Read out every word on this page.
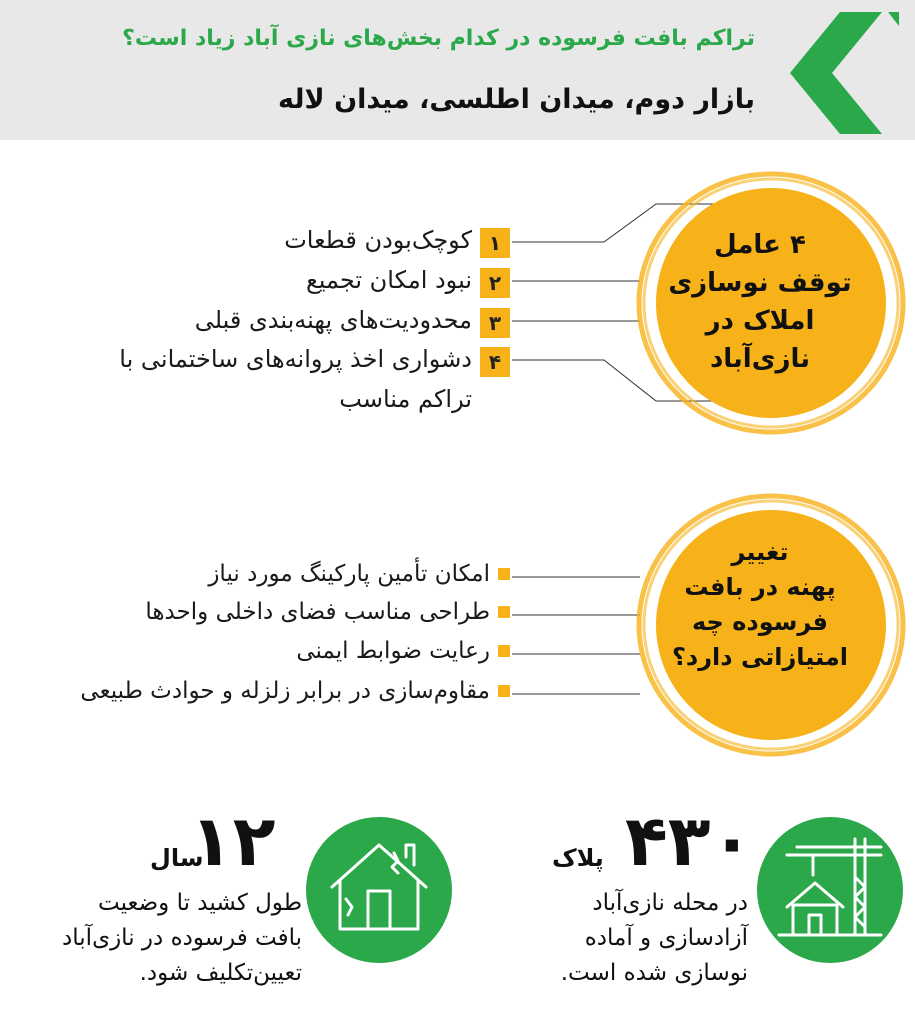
تراکم بافت فرسوده در کدام بخش‌های نازی آباد زیاد است؟
بازار دوم، میدان اطلسی، میدان لاله
۴ عامل
توقف نوسازی
املاک در
نازی‌آباد
۱
کوچک‌بودن قطعات
۲
نبود امکان تجمیع
۳
محدودیت‌های پهنه‌بندی قبلی
۴
دشواری اخذ پروانه‌های ساختمانی با
تراکم مناسب
تغییر
پهنه در بافت
فرسوده چه
امتیازاتی دارد؟
امکان تأمین پارکینگ مورد نیاز
طراحی مناسب فضای داخلی واحدها
رعایت ضوابط ایمنی
مقاوم‌سازی در برابر زلزله و حوادث طبیعی
۱۲
سال
طول کشید تا وضعیت
بافت فرسوده در نازی‌آباد
تعیین‌تکلیف شود.
۴۳۰
پلاک
در محله نازی‌آباد
آزادسازی و آماده
نوسازی شده است.
